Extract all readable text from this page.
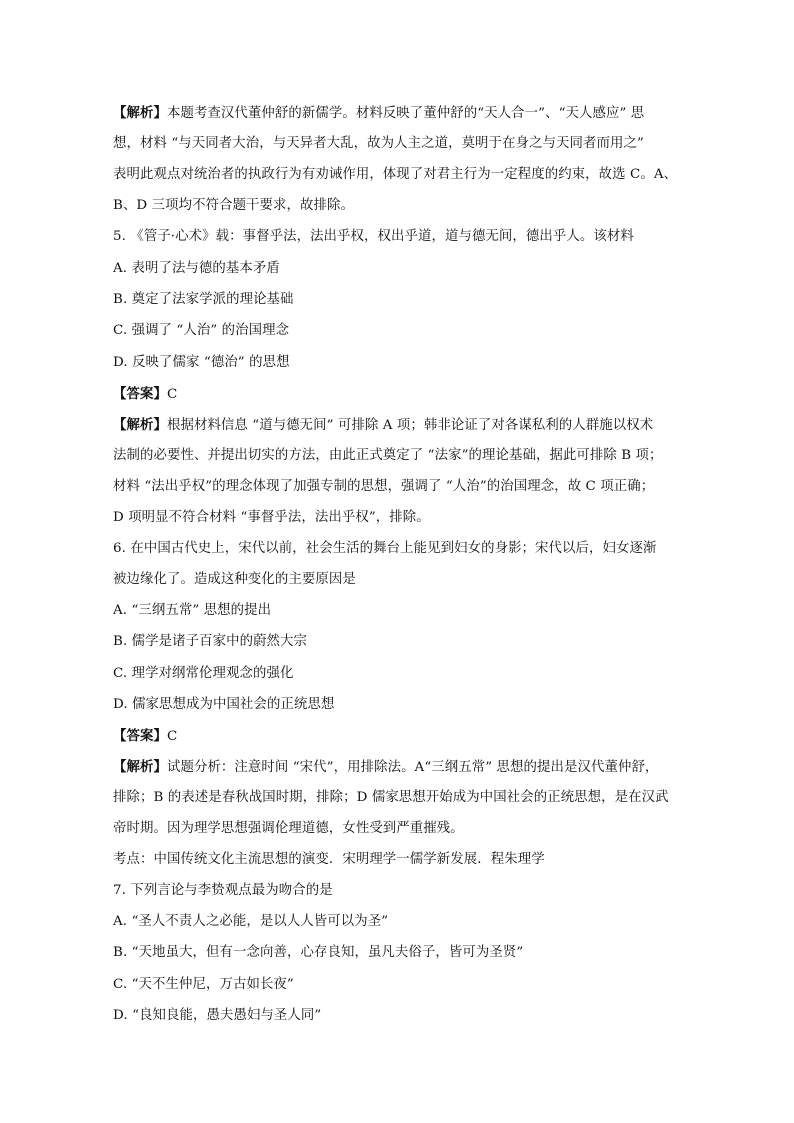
【解析】本题考查汉代董仲舒的新儒学。材料反映了董仲舒的“天人合一”、“天人感应” 思
想，材料 “与天同者大治，与天异者大乱，故为人主之道，莫明于在身之与天同者而用之”
表明此观点对统治者的执政行为有劝诫作用，体现了对君主行为一定程度的约束，故选 C。A、
B、D 三项均不符合题干要求，故排除。
5. 《管子·心术》载：事督乎法，法出乎权，权出乎道，道与德无间，德出乎人。该材料
A. 表明了法与德的基本矛盾
B. 奠定了法家学派的理论基础
C. 强调了 “人治” 的治国理念
D. 反映了儒家 “德治” 的思想
【答案】C
【解析】根据材料信息 “道与德无间” 可排除 A 项；韩非论证了对各谋私利的人群施以权术
法制的必要性、并提出切实的方法，由此正式奠定了 “法家”的理论基础，据此可排除 B 项；
材料 “法出乎权”的理念体现了加强专制的思想，强调了 “人治”的治国理念，故 C 项正确；
D 项明显不符合材料 “事督乎法，法出乎权”，排除。
6. 在中国古代史上，宋代以前，社会生活的舞台上能见到妇女的身影；宋代以后，妇女逐渐
被边缘化了。造成这种变化的主要原因是
A. “三纲五常” 思想的提出
B. 儒学是诸子百家中的蔚然大宗
C. 理学对纲常伦理观念的强化
D. 儒家思想成为中国社会的正统思想
【答案】C
【解析】试题分析：注意时间 “宋代”，用排除法。A“三纲五常” 思想的提出是汉代董仲舒，
排除；B 的表述是春秋战国时期，排除；D 儒家思想开始成为中国社会的正统思想，是在汉武
帝时期。因为理学思想强调伦理道德，女性受到严重摧残。
考点：中国传统文化主流思想的演变．宋明理学一儒学新发展．程朱理学
7. 下列言论与李贽观点最为吻合的是
A. “圣人不责人之必能，是以人人皆可以为圣”
B. “天地虽大，但有一念向善，心存良知，虽凡夫俗子，皆可为圣贤”
C. “天不生仲尼，万古如长夜”
D. “良知良能，愚夫愚妇与圣人同”
